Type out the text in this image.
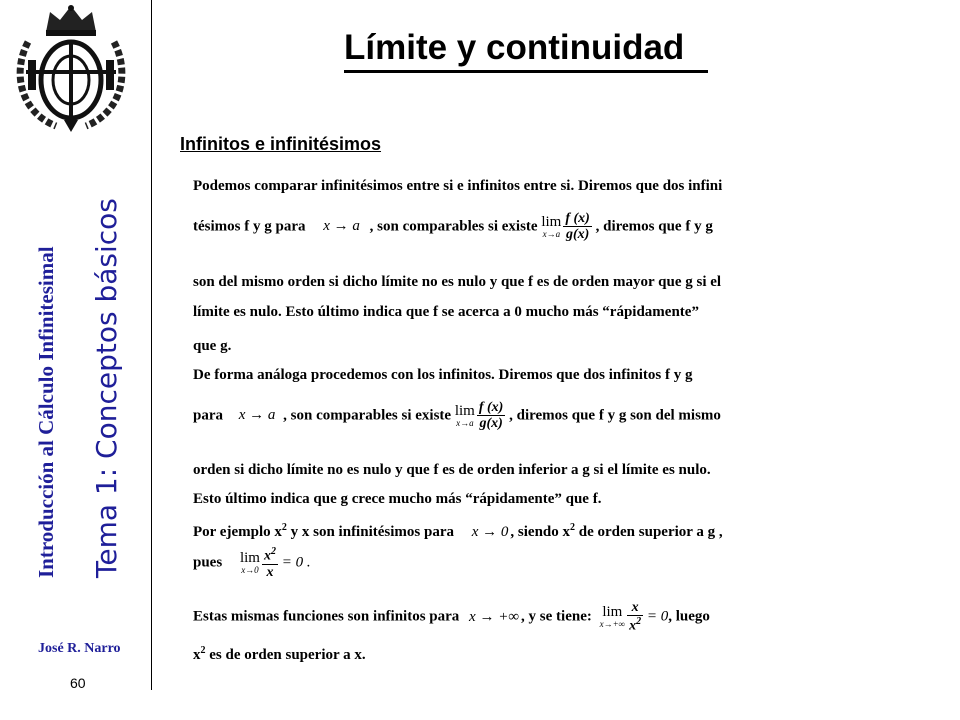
Introducción al Cálculo Infinitesimal Tema 1: Conceptos básicos
José R. Narro
60
Límite y continuidad
Infinitos e infinitésimos
Podemos comparar infinitésimos entre si e infinitos entre si. Diremos que dos infini
tésimos f y g para x → a , son comparables si existe lim
$x\to a \frac{f (x)}{g(x)}$ , diremos que f y g
son del mismo orden si dicho límite no es nulo y que f es de orden mayor que g si el
límite es nulo. Esto último indica que f se acerca a 0 mucho más “rápidamente”
que g.
De forma análoga procedemos con los infinitos. Diremos que dos infinitos f y g
para x → a , son comparables si existe lim
$x\to a \frac{f (x)}{g(x)}$ , diremos que f y g son del mismo
orden si dicho límite no es nulo y que f es de orden inferior a g si el límite es nulo.
Esto último indica que g crece mucho más “rápidamente” que f.
Por ejemplo $x^2$ y x son infinitésimos para x → 0 , siendo $x^2$ de orden superior a g ,
pues lim
$x\to 0 \frac{x^2}{x} = 0$ .
Estas mismas funciones son infinitos para x → +∞ , y se tiene: lim
$x\to+\infty \frac{x}{x^2} = 0$, luego
$x^2$ es de orden superior a x.
